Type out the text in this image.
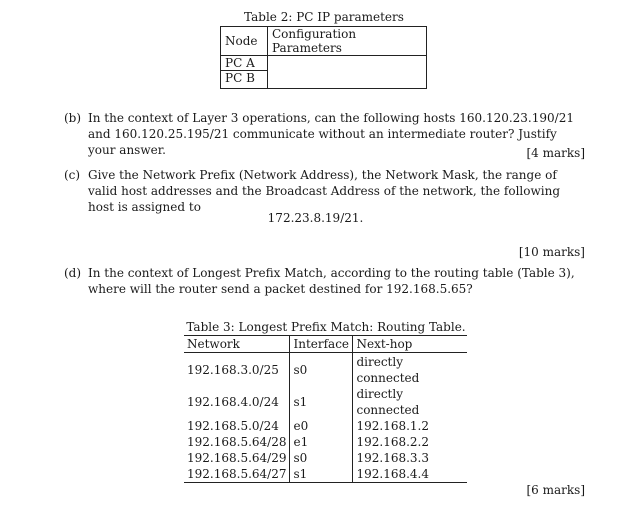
Table 2: PC IP parameters
Node	Configuration Parameters
PC A	
PC B	
(b) In the context of Layer 3 operations, can the following hosts 160.120.23.190/21 and 160.120.25.195/21 communicate without an intermediate router? Justify your answer.	[4 marks]
(c) Give the Network Prefix (Network Address), the Network Mask, the range of valid host addresses and the Broadcast Address of the network, the following host is assigned to
172.23.8.19/21.
[10 marks]
(d) In the context of Longest Prefix Match, according to the routing table (Table 3), where will the router send a packet destined for 192.168.5.65?
Table 3: Longest Prefix Match: Routing Table.
Network	Interface	Next-hop
192.168.3.0/25	s0	directly connected
192.168.4.0/24	s1	directly connected
192.168.5.0/24	e0	192.168.1.2
192.168.5.64/28	e1	192.168.2.2
192.168.5.64/29	s0	192.168.3.3
192.168.5.64/27	s1	192.168.4.4
[6 marks]
